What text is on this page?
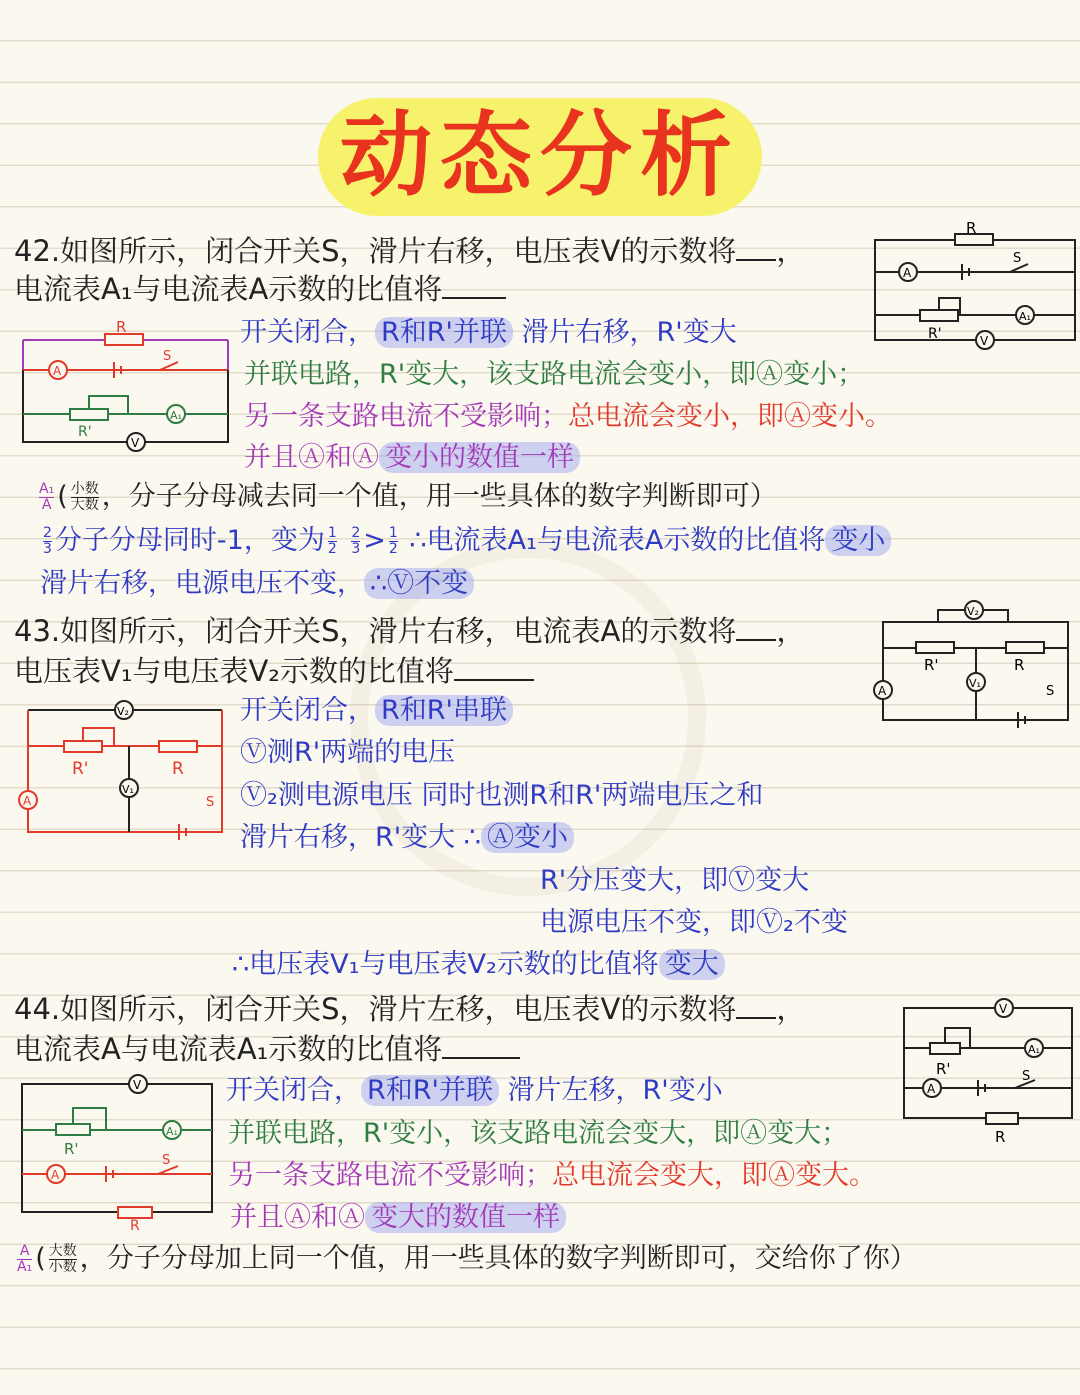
动态分析
42.如图所示，闭合开关S，滑片右移，电压表V的示数将 ，
电流表A₁与电流表A示数的比值将
R
A
S
R'
A₁
V
R
A
S
R'
A₁
V
开关闭合， R和R'并联 滑片右移，R'变大
并联电路，R'变大，该支路电流会变小，即Ⓐ变小；
另一条支路电流不受影响；总电流会变小，即Ⓐ变小。
并且Ⓐ和Ⓐ 变小的数值一样
$\frac{\text{A₁}}{A}$ ( $\frac{\text{小数}}{\text{大数}}$ ，分子分母减去同一个值，用一些具体的数字判断即可）
$\frac{2}{3}$ 分子分母同时-1，变为 $\frac{1}{2}$
$\frac{2}{3} > \frac{1}{2}$ ∴电流表A₁与电流表A示数的比值将 变小
滑片右移，电源电压不变， ∴Ⓥ不变
43.如图所示，闭合开关S，滑片右移，电流表A的示数将 ，
电压表V₁与电压表V₂示数的比值将
V₂
R'	R
V₁
A	S
V₂
R'	R
V₁
A	S
开关闭合， R和R'串联
Ⓥ测R'两端的电压
Ⓥ₂测电源电压 同时也测R和R'两端电压之和
滑片右移，R'变大 ∴ Ⓐ变小
R'分压变大，即Ⓥ变大
电源电压不变，即Ⓥ₂不变
∴电压表V₁与电压表V₂示数的比值将 变大
44.如图所示，闭合开关S，滑片左移，电压表V的示数将 ，
电流表A与电流表A₁示数的比值将
V
R'
A₁
A
S
R
V
R'
A₁
A
S
R
开关闭合， R和R'并联 滑片左移，R'变小
并联电路，R'变小，该支路电流会变大，即Ⓐ变大；
另一条支路电流不受影响；总电流会变大，即Ⓐ变大。
并且Ⓐ和Ⓐ 变大的数值一样
$\frac{A}{\text{A₁}}$ ( $\frac{\text{大数}}{\text{小数}}$ ，分子分母加上同一个值，用一些具体的数字判断即可，交给你了你）
